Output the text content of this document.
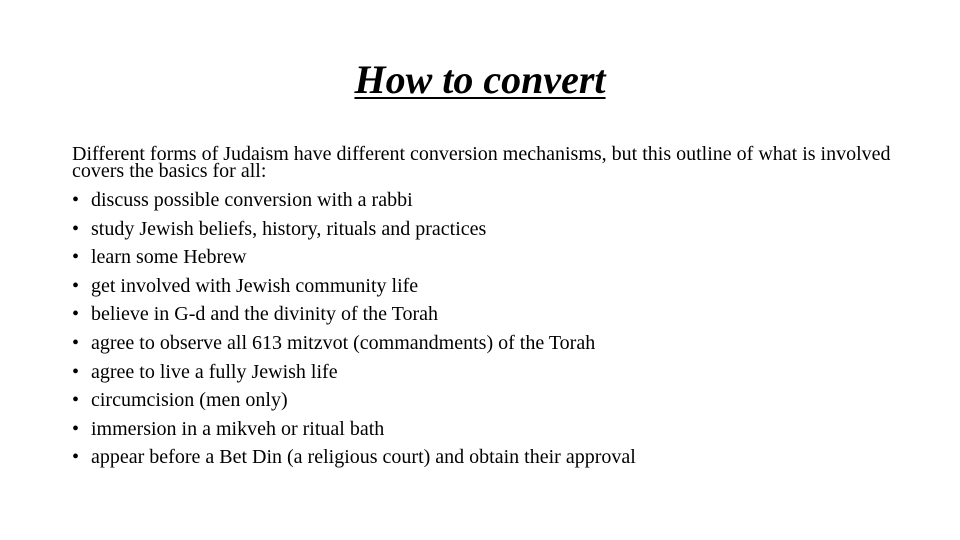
How to convert

Different forms of Judaism have different conversion mechanisms, but this outline of what is involved covers the basics for all:

• discuss possible conversion with a rabbi
• study Jewish beliefs, history, rituals and practices
• learn some Hebrew
• get involved with Jewish community life
• believe in G-d and the divinity of the Torah
• agree to observe all 613 mitzvot (commandments) of the Torah
• agree to live a fully Jewish life
• circumcision (men only)
• immersion in a mikveh or ritual bath
• appear before a Bet Din (a religious court) and obtain their approval
